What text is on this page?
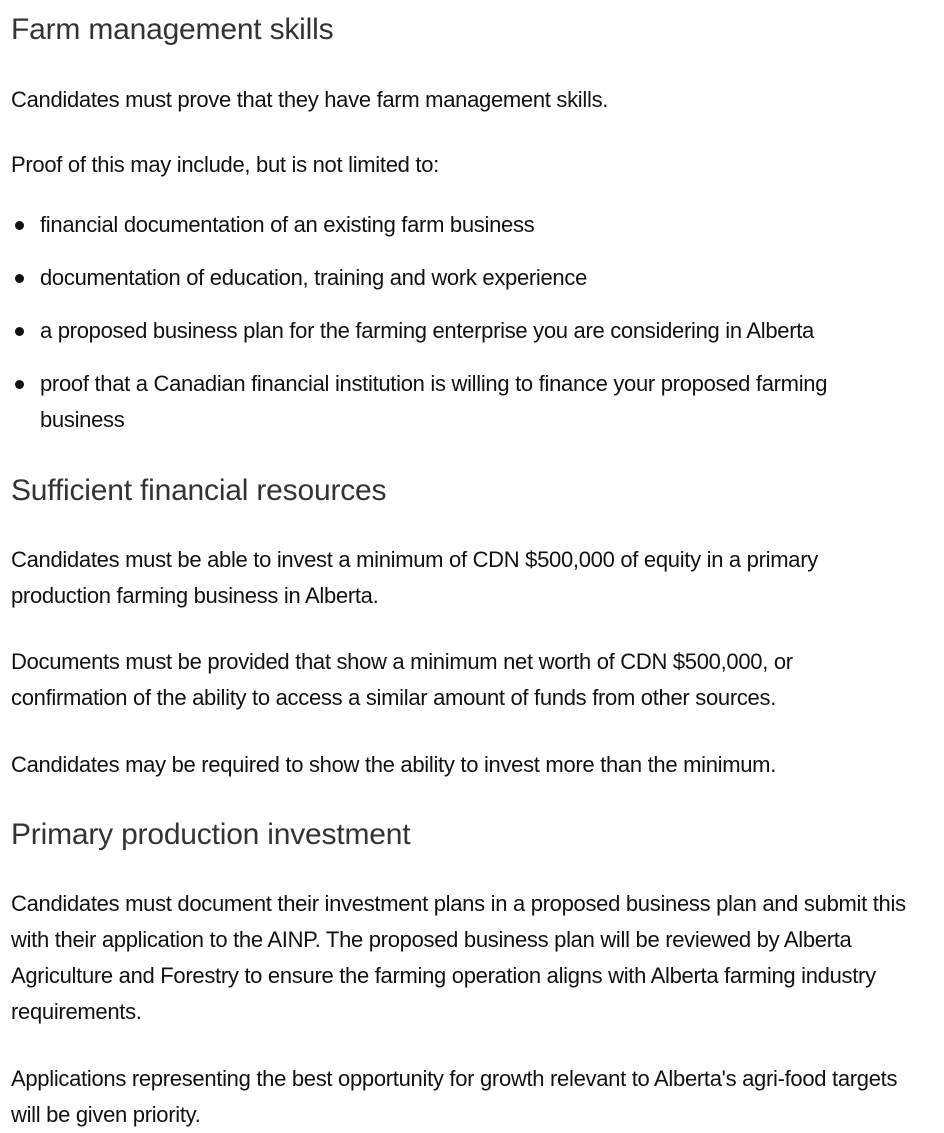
Farm management skills

Candidates must prove that they have farm management skills.

Proof of this may include, but is not limited to:

financial documentation of an existing farm business
documentation of education, training and work experience
a proposed business plan for the farming enterprise you are considering in Alberta
proof that a Canadian financial institution is willing to finance your proposed farming business
Sufficient financial resources

Candidates must be able to invest a minimum of CDN $500,000 of equity in a primary production farming business in Alberta.

Documents must be provided that show a minimum net worth of CDN $500,000, or confirmation of the ability to access a similar amount of funds from other sources.

Candidates may be required to show the ability to invest more than the minimum.

Primary production investment

Candidates must document their investment plans in a proposed business plan and submit this with their application to the AINP. The proposed business plan will be reviewed by Alberta Agriculture and Forestry to ensure the farming operation aligns with Alberta farming industry requirements.

Applications representing the best opportunity for growth relevant to Alberta's agri-food targets will be given priority.
